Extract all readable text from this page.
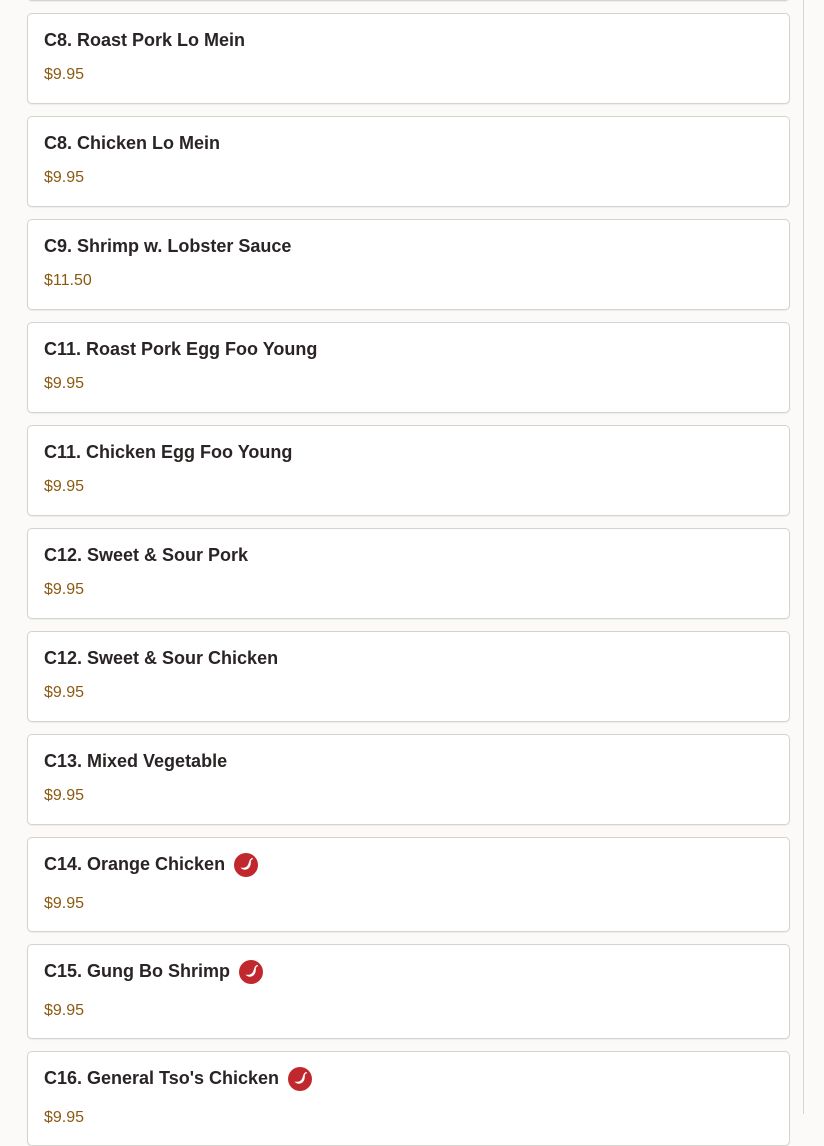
C8. Roast Pork Lo Mein
$9.95
C8. Chicken Lo Mein
$9.95
C9. Shrimp w. Lobster Sauce
$11.50
C11. Roast Pork Egg Foo Young
$9.95
C11. Chicken Egg Foo Young
$9.95
C12. Sweet & Sour Pork
$9.95
C12. Sweet & Sour Chicken
$9.95
C13. Mixed Vegetable
$9.95
C14. Orange Chicken
$9.95
C15. Gung Bo Shrimp
$9.95
C16. General Tso's Chicken
$9.95
